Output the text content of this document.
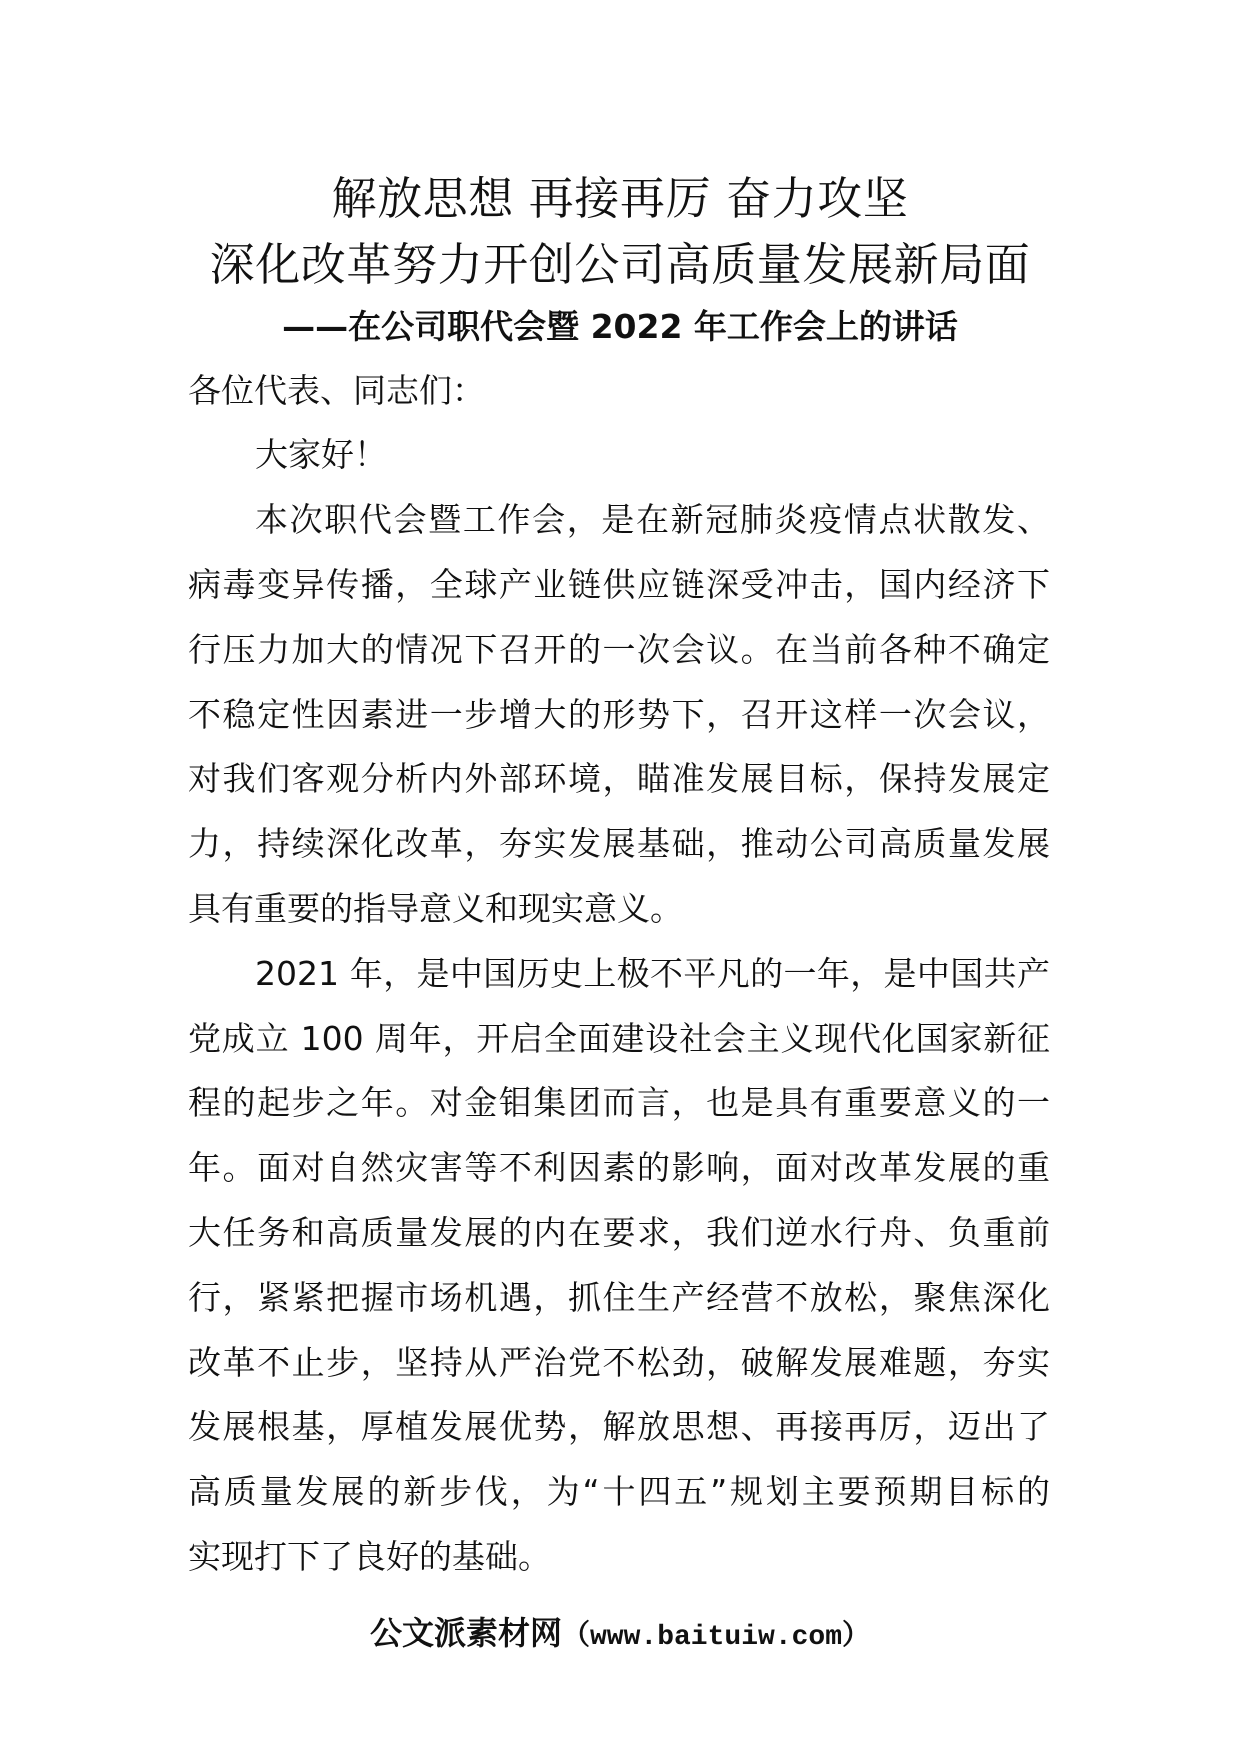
解放思想 再接再厉 奋力攻坚
深化改革努力开创公司高质量发展新局面
——在公司职代会暨 2022 年工作会上的讲话
各位代表、同志们：
大家好！
本次职代会暨工作会，是在新冠肺炎疫情点状散发、
病毒变异传播，全球产业链供应链深受冲击，国内经济下
行压力加大的情况下召开的一次会议。在当前各种不确定
不稳定性因素进一步增大的形势下，召开这样一次会议，
对我们客观分析内外部环境，瞄准发展目标，保持发展定
力，持续深化改革，夯实发展基础，推动公司高质量发展
具有重要的指导意义和现实意义。
2021 年，是中国历史上极不平凡的一年，是中国共产
党成立 100 周年，开启全面建设社会主义现代化国家新征
程的起步之年。对金钼集团而言，也是具有重要意义的一
年。面对自然灾害等不利因素的影响，面对改革发展的重
大任务和高质量发展的内在要求，我们逆水行舟、负重前
行，紧紧把握市场机遇，抓住生产经营不放松，聚焦深化
改革不止步，坚持从严治党不松劲，破解发展难题，夯实
发展根基，厚植发展优势，解放思想、再接再厉，迈出了
高质量发展的新步伐，为“十四五”规划主要预期目标的
实现打下了良好的基础。
公文派素材网（www.baituiw.com）
